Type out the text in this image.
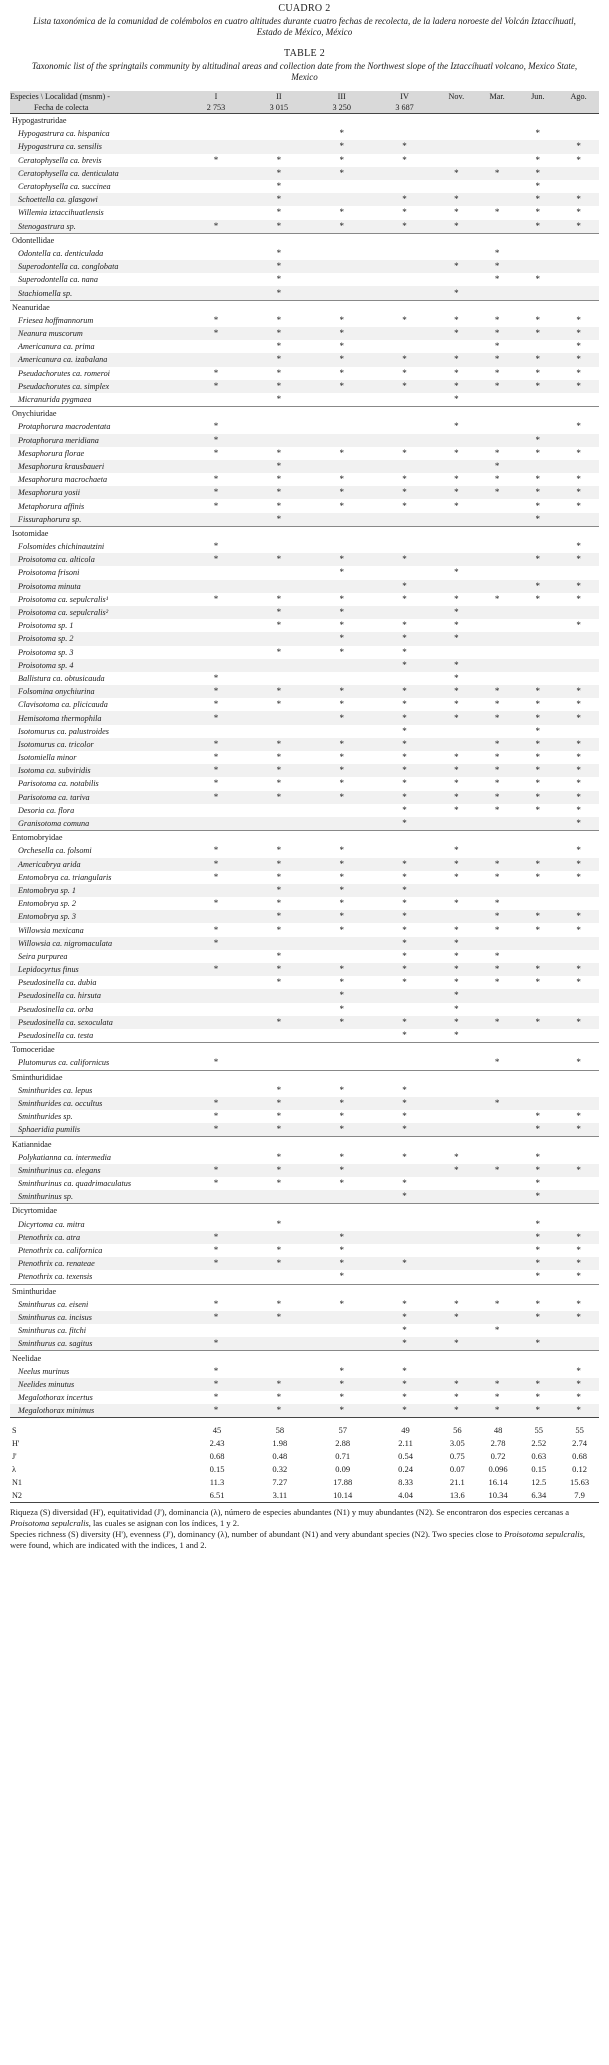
CUADRO 2
Lista taxonómica de la comunidad de colémbolos en cuatro altitudes durante cuatro fechas de recolecta, de la ladera noroeste del Volcán Iztaccíhuatl, Estado de México, México
TABLE 2
Taxonomic list of the springtails community by altitudinal areas and collection date from the Northwest slope of the Iztaccíhuatl volcano, Mexico State, Mexico
Especies \ Localidad (msnm) -	I	II	III	IV	Nov.	Mar.	Jun.	Ago.
Fecha de colecta	2 753	3 015	3 250	3 687				
Hypogastruridae								
Hypogastrura ca. hispanica			*				*	
Hypogastrura ca. sensilis			*	*				*
Ceratophysella ca. brevis	*	*	*	*			*	*
Ceratophysella ca. denticulata		*	*		*	*	*	
Ceratophysella ca. succinea		*					*	
Schoettella ca. glasgowi		*		*	*		*	*
Willemia iztaccihuatlensis		*	*	*	*	*	*	*
Stenogastrura sp.	*	*	*	*	*		*	*
Odontellidae								
Odontella ca. denticulada		*				*		
Superodontella ca. conglobata		*			*	*		
Superodontella ca. nana		*				*	*	
Stachiomella sp.		*			*			
Neanuridae								
Friesea hoffmannorum	*	*	*	*	*	*	*	*
Neanura muscorum	*	*	*		*	*	*	*
Americanura ca. prima		*	*			*		*
Americanura ca. izabalana		*	*	*	*	*	*	*
Pseudachorutes ca. romeroi	*	*	*	*	*	*	*	*
Pseudachorutes ca. simplex	*	*	*	*	*	*	*	*
Micranurida pygmaea		*			*			
Onychiuridae								
Protaphorura macrodentata	*				*			*
Protaphorura meridiana	*						*	
Mesaphorura florae	*	*	*	*	*	*	*	*
Mesaphorura krausbaueri		*				*		
Mesaphorura macrochaeta	*	*	*	*	*	*	*	*
Mesaphorura yosii	*	*	*	*	*	*	*	*
Metaphorura affinis	*	*	*	*	*		*	*
Fissuraphorura sp.		*					*	
Isotomidae								
Folsomides chichinautzini	*							*
Proisotoma ca. alticola	*	*	*	*			*	*
Proisotoma frisoni			*		*			
Proisotoma minuta				*			*	*
Proisotoma ca. sepulcralis¹	*	*	*	*	*	*	*	*
Proisotoma ca. sepulcralis²		*	*		*			
Proisotoma sp. 1		*	*	*	*			*
Proisotoma sp. 2			*	*	*			
Proisotoma sp. 3		*	*	*				
Proisotoma sp. 4				*	*			
Ballistura ca. obtusicauda	*				*			
Folsomina onychiurina	*	*	*	*	*	*	*	*
Clavisotoma ca. plicicauda	*	*	*	*	*	*	*	*
Hemisotoma thermophila	*		*	*	*	*	*	*
Isotomurus ca. palustroides				*			*	
Isotomurus ca. tricolor	*	*	*	*		*	*	*
Isotomiella minor	*	*	*	*	*	*	*	*
Isotoma ca. subviridis	*	*	*	*	*	*	*	*
Parisotoma ca. notabilis	*	*	*	*	*	*	*	*
Parisotoma ca. tariva	*	*	*	*	*	*	*	*
Desoria ca. flora				*	*	*	*	*
Granisotoma comuna				*				*
Entomobryidae								
Orchesella ca. folsomi	*	*	*		*			*
Americabrya arida	*	*	*	*	*	*	*	*
Entomobrya ca. triangularis	*	*	*	*	*	*	*	*
Entomobrya sp. 1		*	*	*				
Entomobrya sp. 2	*	*	*	*	*	*		
Entomobrya sp. 3		*	*	*		*	*	*
Willowsia mexicana	*	*	*	*	*	*	*	*
Willowsia ca. nigromaculata	*			*	*			
Seira purpurea		*		*	*	*		
Lepidocyrtus finus	*	*	*	*	*	*	*	*
Pseudosinella ca. dubia		*	*	*	*	*	*	*
Pseudosinella ca. hirsuta			*		*			
Pseudosinella ca. orba			*		*			
Pseudosinella ca. sexoculata		*	*	*	*	*	*	*
Pseudosinella ca. testa				*	*			
Tomoceridae								
Plutomurus ca. californicus	*					*		*
Sminthurididae								
Sminthurides ca. lepus		*	*	*				
Sminthurides ca. occultus	*	*	*	*		*		
Sminthurides sp.	*	*	*	*			*	*
Sphaeridia pumilis	*	*	*	*			*	*
Katiannidae								
Polykatianna ca. intermedia		*	*	*	*		*	
Sminthurinus ca. elegans	*	*	*		*	*	*	*
Sminthurinus ca. quadrimaculatus	*	*	*	*			*	
Sminthurinus sp.				*			*	
Dicyrtomidae								
Dicyrtoma ca. mitra		*					*	
Ptenothrix ca. atra	*		*				*	*
Ptenothrix ca. californica	*	*	*				*	*
Ptenothrix ca. renateae	*	*	*	*			*	*
Ptenothrix ca. texensis			*				*	*
Sminthuridae								
Sminthurus ca. eiseni	*	*	*	*	*	*	*	*
Sminthurus ca. incisus	*	*		*	*		*	*
Sminthurus ca. fitchi				*		*		
Sminthurus ca. sagitus	*			*	*		*	
Neelidae								
Neelus murinus	*		*	*				*
Neelides minutus	*	*	*	*	*	*	*	*
Megalothorax incertus	*	*	*	*	*	*	*	*
Megalothorax minimus	*	*	*	*	*	*	*	*
S	45	58	57	49	56	48	55	55
H'	2.43	1.98	2.88	2.11	3.05	2.78	2.52	2.74
J'	0.68	0.48	0.71	0.54	0.75	0.72	0.63	0.68
λ	0.15	0.32	0.09	0.24	0.07	0.096	0.15	0.12
N1	11.3	7.27	17.88	8.33	21.1	16.14	12.5	15.63
N2	6.51	3.11	10.14	4.04	13.6	10.34	6.34	7.9
Riqueza (S) diversidad (H'), equitatividad (J'), dominancia (λ), número de especies abundantes (N1) y muy abundantes (N2). Se encontraron dos especies cercanas a Proisotoma sepulcralis, las cuales se asignan con los índices, 1 y 2.
Species richness (S) diversity (H'), evenness (J'), dominancy (λ), number of abundant (N1) and very abundant species (N2). Two species close to Proisotoma sepulcralis, were found, which are indicated with the indices, 1 and 2.
